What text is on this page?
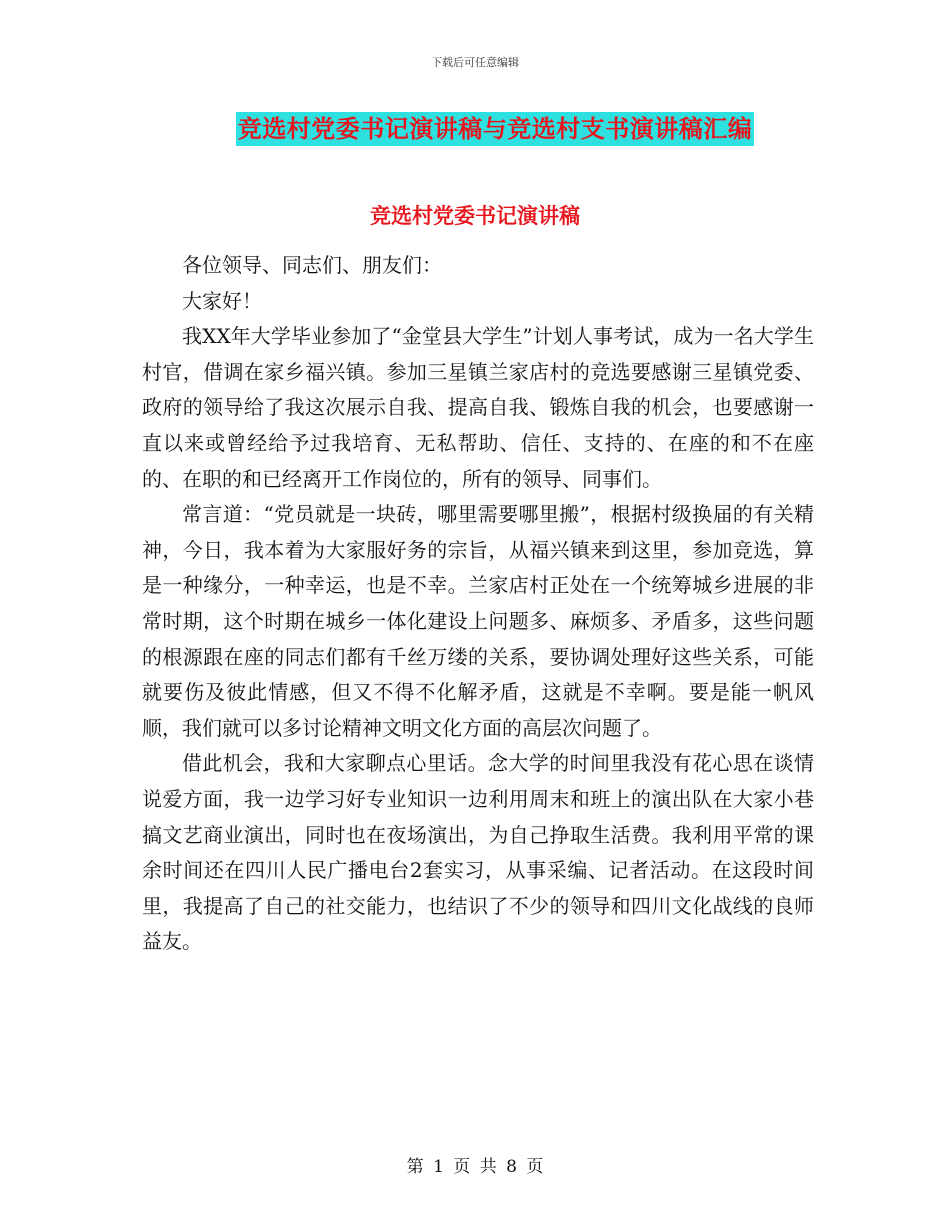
下载后可任意编辑
竞选村党委书记演讲稿与竞选村支书演讲稿汇编
竞选村党委书记演讲稿

各位领导、同志们、朋友们：

大家好！

我XX年大学毕业参加了“金堂县大学生”计划人事考试，成为一名大学生村官，借调在家乡福兴镇。参加三星镇兰家店村的竞选要感谢三星镇党委、政府的领导给了我这次展示自我、提高自我、锻炼自我的机会，也要感谢一直以来或曾经给予过我培育、无私帮助、信任、支持的、在座的和不在座的、在职的和已经离开工作岗位的，所有的领导、同事们。

常言道：“党员就是一块砖，哪里需要哪里搬”，根据村级换届的有关精神，今日，我本着为大家服好务的宗旨，从福兴镇来到这里，参加竞选，算是一种缘分，一种幸运，也是不幸。兰家店村正处在一个统筹城乡进展的非常时期，这个时期在城乡一体化建设上问题多、麻烦多、矛盾多，这些问题的根源跟在座的同志们都有千丝万缕的关系，要协调处理好这些关系，可能就要伤及彼此情感，但又不得不化解矛盾，这就是不幸啊。要是能一帆风顺，我们就可以多讨论精神文明文化方面的高层次问题了。

借此机会，我和大家聊点心里话。念大学的时间里我没有花心思在谈情说爱方面，我一边学习好专业知识一边利用周末和班上的演出队在大家小巷搞文艺商业演出，同时也在夜场演出，为自己挣取生活费。我利用平常的课余时间还在四川人民广播电台2套实习，从事采编、记者活动。在这段时间里，我提高了自己的社交能力，也结识了不少的领导和四川文化战线的良师益友。

第 1 页 共 8 页
